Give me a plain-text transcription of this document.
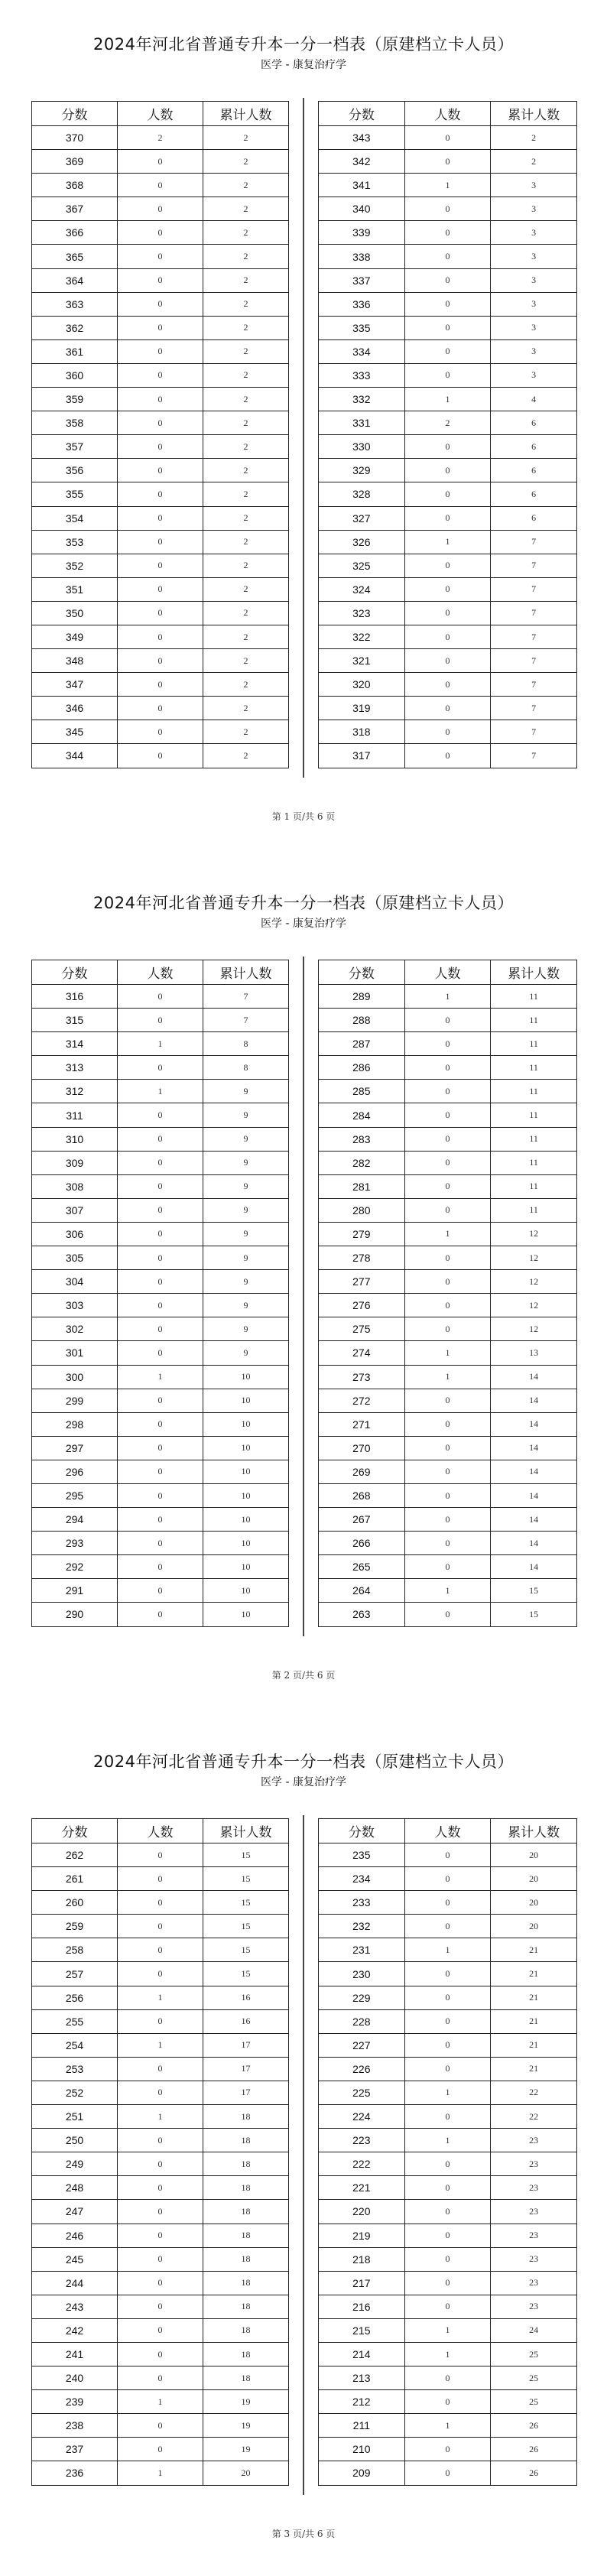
2024年河北省普通专升本一分一档表（原建档立卡人员）
医学 - 康复治疗学
分数	人数	累计人数
370	2	2
369	0	2
368	0	2
367	0	2
366	0	2
365	0	2
364	0	2
363	0	2
362	0	2
361	0	2
360	0	2
359	0	2
358	0	2
357	0	2
356	0	2
355	0	2
354	0	2
353	0	2
352	0	2
351	0	2
350	0	2
349	0	2
348	0	2
347	0	2
346	0	2
345	0	2
344	0	2
分数	人数	累计人数
343	0	2
342	0	2
341	1	3
340	0	3
339	0	3
338	0	3
337	0	3
336	0	3
335	0	3
334	0	3
333	0	3
332	1	4
331	2	6
330	0	6
329	0	6
328	0	6
327	0	6
326	1	7
325	0	7
324	0	7
323	0	7
322	0	7
321	0	7
320	0	7
319	0	7
318	0	7
317	0	7
第 1 页/共 6 页
2024年河北省普通专升本一分一档表（原建档立卡人员）
医学 - 康复治疗学
分数	人数	累计人数
316	0	7
315	0	7
314	1	8
313	0	8
312	1	9
311	0	9
310	0	9
309	0	9
308	0	9
307	0	9
306	0	9
305	0	9
304	0	9
303	0	9
302	0	9
301	0	9
300	1	10
299	0	10
298	0	10
297	0	10
296	0	10
295	0	10
294	0	10
293	0	10
292	0	10
291	0	10
290	0	10
分数	人数	累计人数
289	1	11
288	0	11
287	0	11
286	0	11
285	0	11
284	0	11
283	0	11
282	0	11
281	0	11
280	0	11
279	1	12
278	0	12
277	0	12
276	0	12
275	0	12
274	1	13
273	1	14
272	0	14
271	0	14
270	0	14
269	0	14
268	0	14
267	0	14
266	0	14
265	0	14
264	1	15
263	0	15
第 2 页/共 6 页
2024年河北省普通专升本一分一档表（原建档立卡人员）
医学 - 康复治疗学
分数	人数	累计人数
262	0	15
261	0	15
260	0	15
259	0	15
258	0	15
257	0	15
256	1	16
255	0	16
254	1	17
253	0	17
252	0	17
251	1	18
250	0	18
249	0	18
248	0	18
247	0	18
246	0	18
245	0	18
244	0	18
243	0	18
242	0	18
241	0	18
240	0	18
239	1	19
238	0	19
237	0	19
236	1	20
分数	人数	累计人数
235	0	20
234	0	20
233	0	20
232	0	20
231	1	21
230	0	21
229	0	21
228	0	21
227	0	21
226	0	21
225	1	22
224	0	22
223	1	23
222	0	23
221	0	23
220	0	23
219	0	23
218	0	23
217	0	23
216	0	23
215	1	24
214	1	25
213	0	25
212	0	25
211	1	26
210	0	26
209	0	26
第 3 页/共 6 页
